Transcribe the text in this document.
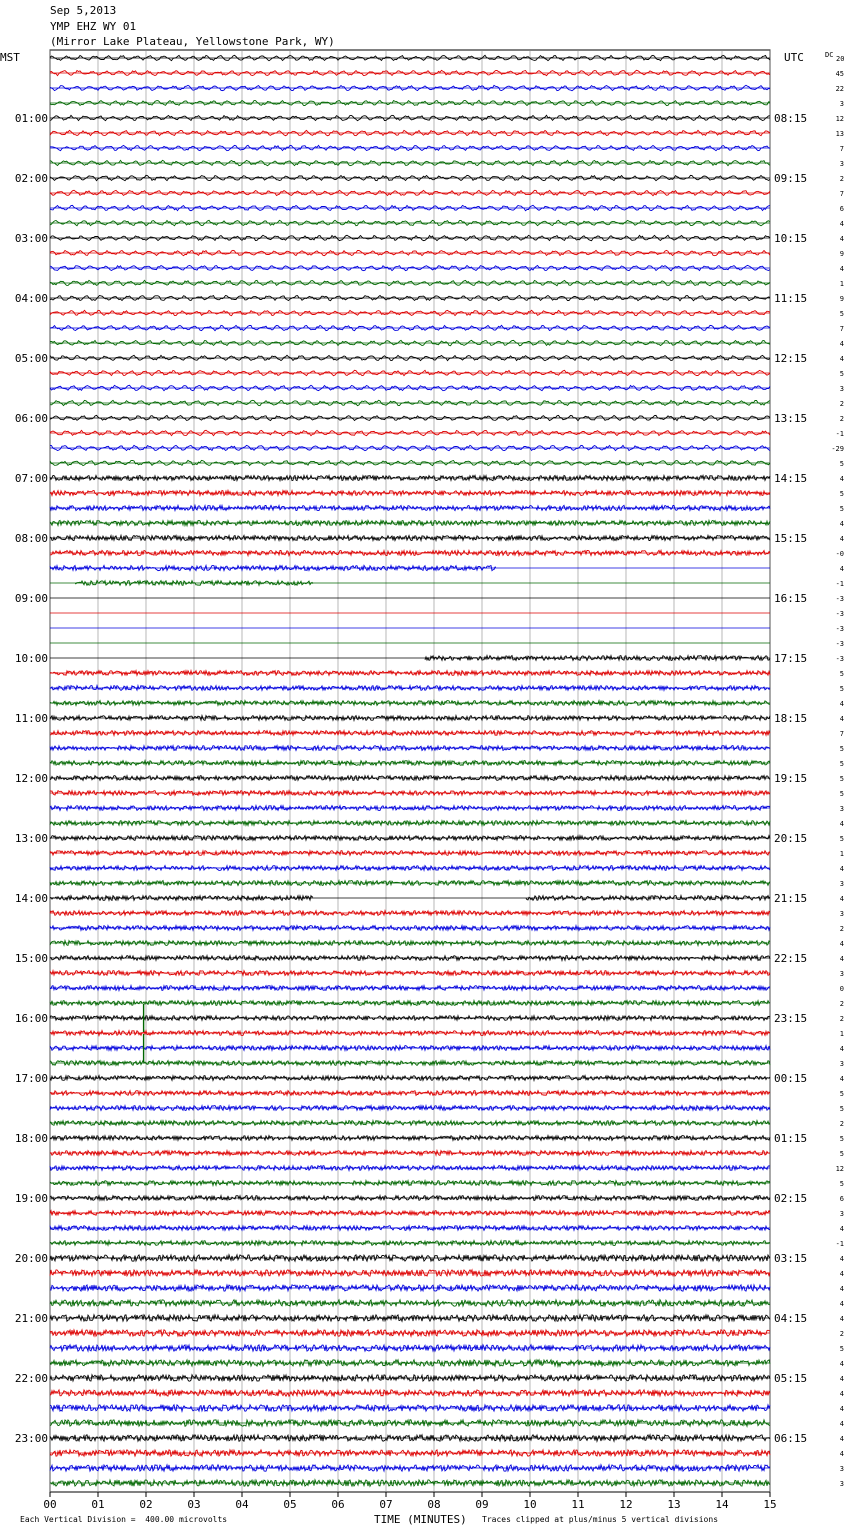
Sep 5,2013
YMP EHZ WY 01
(Mirror Lake Plateau, Yellowstone Park, WY)
00	01	02	03	04	05	06	07	08	09	10	11	12	13	14	15
45
22
3
12
13
7
3
2
7
6
4
4
9
4
1
9
5
7
4
4
5
3
2
2
-1
-29
5
4
5
5
4
4
-0
4
-1
-3
-3
-3
-3
-3
5
5
4
4
7
5
5
5
5
3
4
5
1
4
3
4
3
2
4
4
3
0
2
2
1
4
3
4
5
5
2
5
5
12
5
6
3
4
-1
4
4
4
4
4
2
5
4
4
4
4
4
4
4
3
3
01:00	08:15
02:00	09:15
03:00	10:15
04:00	11:15
05:00	12:15
06:00	13:15
07:00	14:15
08:00	15:15
09:00	16:15
10:00	17:15
11:00	18:15
12:00	19:15
13:00	20:15
14:00	21:15
15:00	22:15
16:00	23:15
17:00	00:15
18:00	01:15
19:00	02:15
20:00	03:15
21:00	04:15
22:00	05:15
23:00	06:15
MST	UTC	DC 20
TIME (MINUTES)
Each Vertical Division =  400.00 microvolts	Traces clipped at plus/minus 5 vertical divisions
